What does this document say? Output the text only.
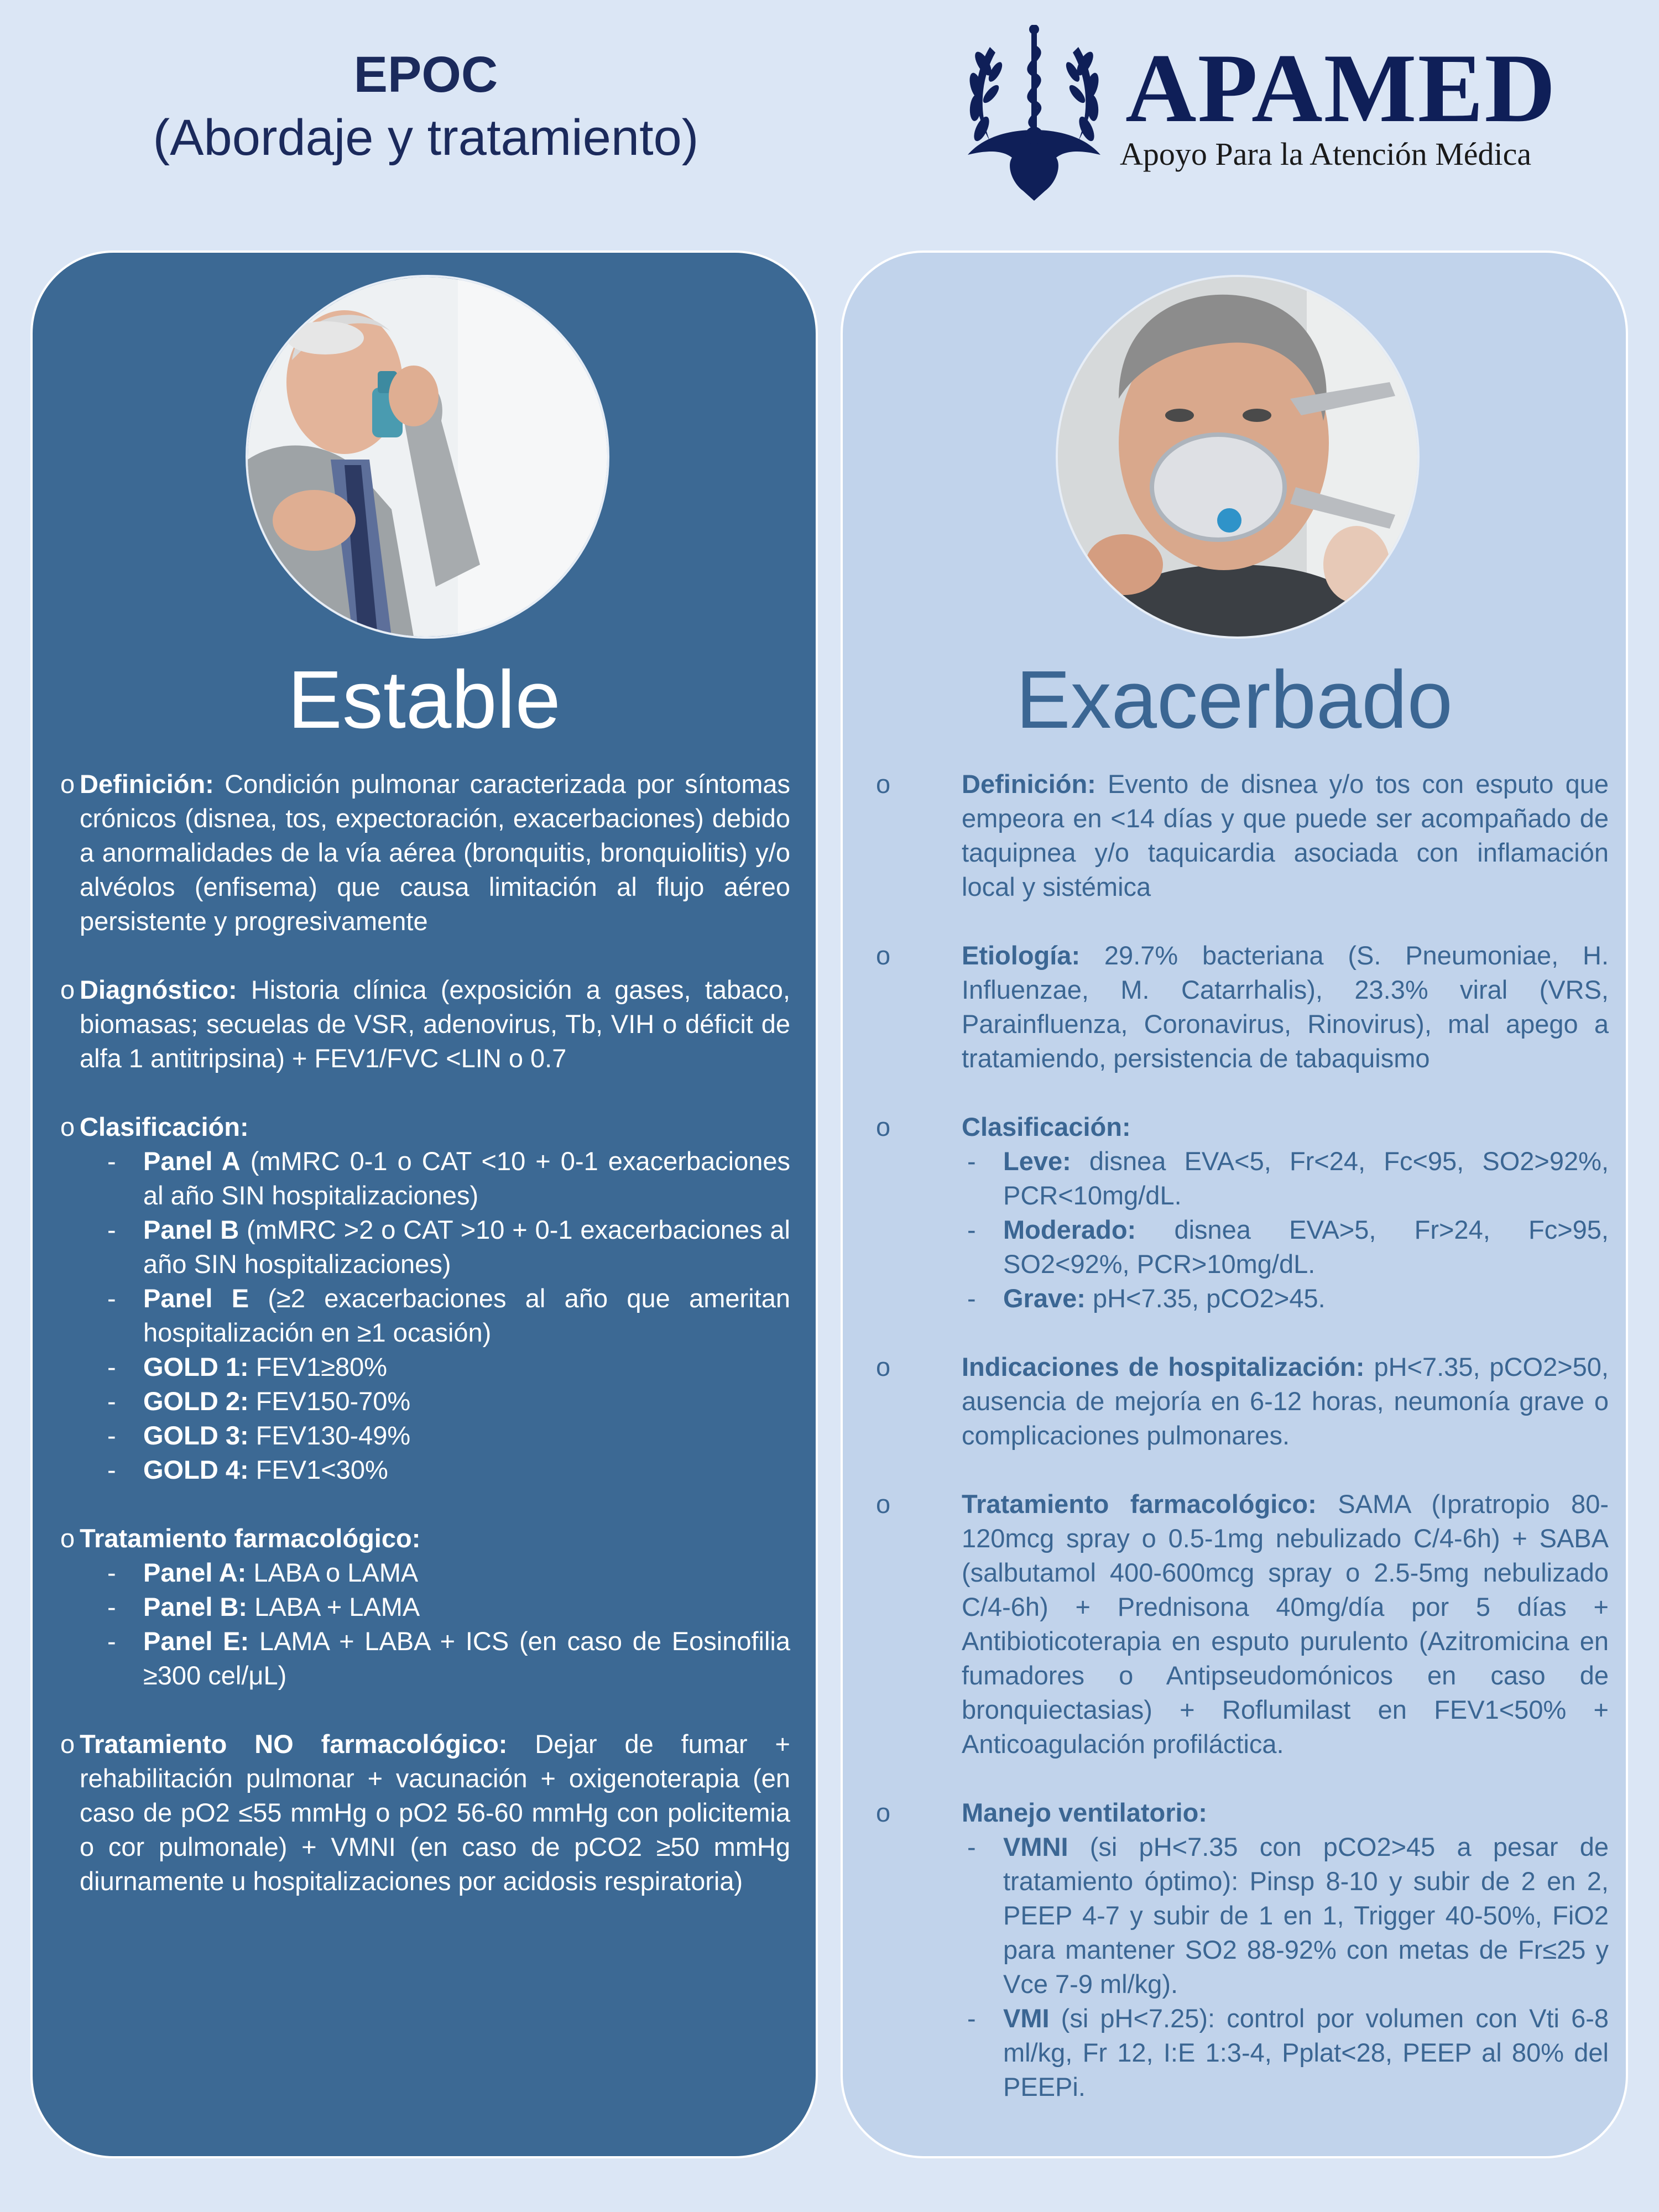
EPOC
(Abordaje y tratamiento)	APAMED
Apoyo Para la Atención Médica
Estable
o Definición: Condición pulmonar caracterizada por síntomas crónicos (disnea, tos, expectoración, exacerbaciones) debido a anormalidades de la vía aérea (bronquitis, bronquiolitis) y/o alvéolos (enfisema) que causa limitación al flujo aéreo persistente y progresivamente

o Diagnóstico: Historia clínica (exposición a gases, tabaco, biomasas; secuelas de VSR, adenovirus, Tb, VIH o déficit de alfa 1 antitripsina) + FEV1/FVC <LIN o 0.7

o Clasificación:

- Panel A (mMRC 0-1 o CAT <10 + 0-1 exacerbaciones al año SIN hospitalizaciones)
- Panel B (mMRC >2 o CAT >10 + 0-1 exacerbaciones al año SIN hospitalizaciones)
- Panel E (≥2 exacerbaciones al año que ameritan hospitalización en ≥1 ocasión)
- GOLD 1: FEV1≥80%
- GOLD 2: FEV150-70%
- GOLD 3: FEV130-49%
- GOLD 4: FEV1<30%
o Tratamiento farmacológico:

- Panel A: LABA o LAMA
- Panel B: LABA + LAMA
- Panel E: LAMA + LABA + ICS (en caso de Eosinofilia ≥300 cel/μL)
o Tratamiento NO farmacológico: Dejar de fumar + rehabilitación pulmonar + vacunación + oxigenoterapia (en caso de pO2 ≤55 mmHg o pO2 56-60 mmHg con policitemia o cor pulmonale) + VMNI (en caso de pCO2 ≥50 mmHg diurnamente u hospitalizaciones por acidosis respiratoria)

Exacerbado
o	Definición: Evento de disnea y/o tos con esputo que empeora en <14 días y que puede ser acompañado de taquipnea y/o taquicardia asociada con inflamación local y sistémica

o	Etiología: 29.7% bacteriana (S. Pneumoniae, H. Influenzae, M. Catarrhalis), 23.3% viral (VRS, Parainfluenza, Coronavirus, Rinovirus), mal apego a tratamiendo, persistencia de tabaquismo

o	Clasificación:

- Leve: disnea EVA<5, Fr<24, Fc<95, SO2>92%, PCR<10mg/dL.
- Moderado: disnea EVA>5, Fr>24, Fc>95, SO2<92%, PCR>10mg/dL.
- Grave: pH<7.35, pCO2>45.
o	Indicaciones de hospitalización: pH<7.35, pCO2>50, ausencia de mejoría en 6-12 horas, neumonía grave o complicaciones pulmonares.

o	Tratamiento farmacológico: SAMA (Ipratropio 80-120mcg spray o 0.5-1mg nebulizado C/4-6h) + SABA (salbutamol 400-600mcg spray o 2.5-5mg nebulizado C/4-6h) + Prednisona 40mg/día por 5 días + Antibioticoterapia en esputo purulento (Azitromicina en fumadores o Antipseudomónicos en caso de bronquiectasias) + Roflumilast en FEV1<50% + Anticoagulación profiláctica.

o	Manejo ventilatorio:

- VMNI (si pH<7.35 con pCO2>45 a pesar de tratamiento óptimo): Pinsp 8-10 y subir de 2 en 2, PEEP 4-7 y subir de 1 en 1, Trigger 40-50%, FiO2 para mantener SO2 88-92% con metas de Fr≤25 y Vce 7-9 ml/kg).
- VMI (si pH<7.25): control por volumen con Vti 6-8 ml/kg, Fr 12, I:E 1:3-4, Pplat<28, PEEP al 80% del PEEPi.
